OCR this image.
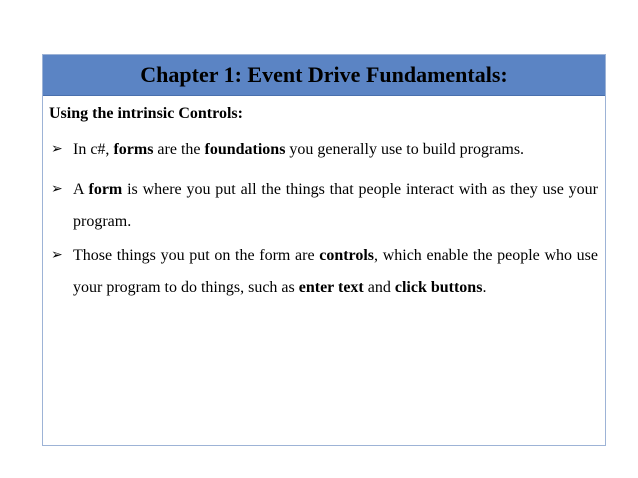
Chapter 1: Event Drive Fundamentals:
Using the intrinsic Controls:
➢ In c#, forms are the foundations you generally use to build programs.
➢ A form is where you put all the things that people interact with as they use your program.
➢ Those things you put on the form are controls, which enable the people who use your program to do things, such as enter text and click buttons.
